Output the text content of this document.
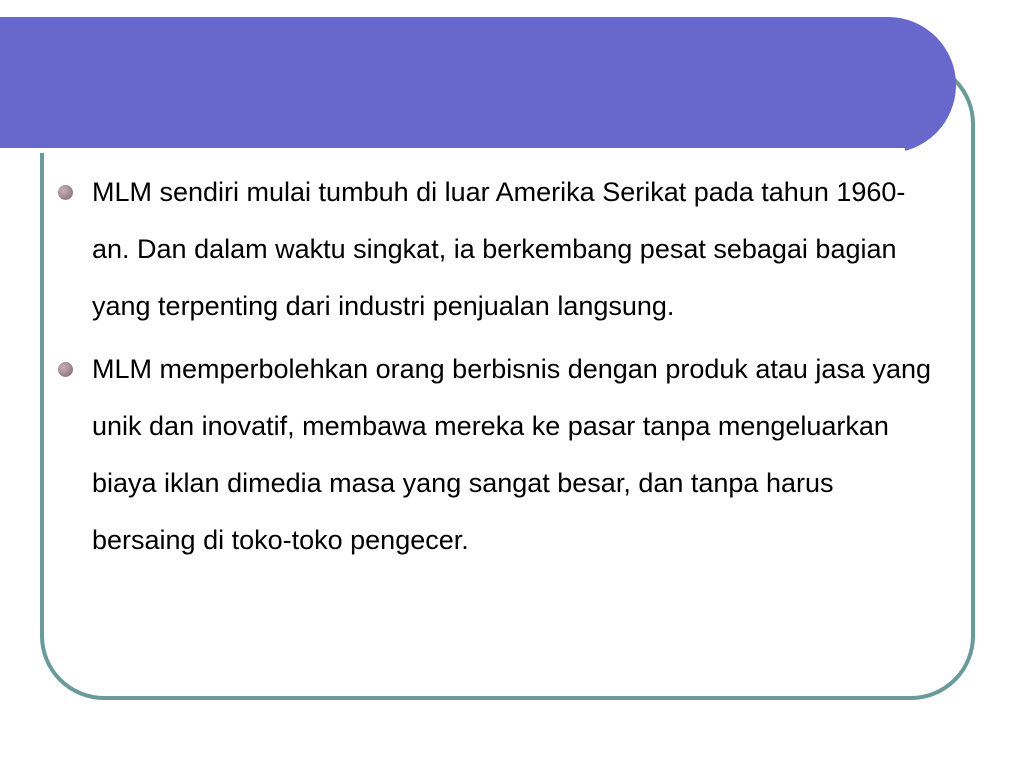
MLM sendiri mulai tumbuh di luar Amerika Serikat pada tahun 1960-an. Dan dalam waktu singkat, ia berkembang pesat sebagai bagian yang terpenting dari industri penjualan langsung.
MLM memperbolehkan orang berbisnis dengan produk atau jasa yang unik dan inovatif, membawa mereka ke pasar tanpa mengeluarkan biaya iklan dimedia masa yang sangat besar, dan tanpa harus bersaing di toko-toko pengecer.
